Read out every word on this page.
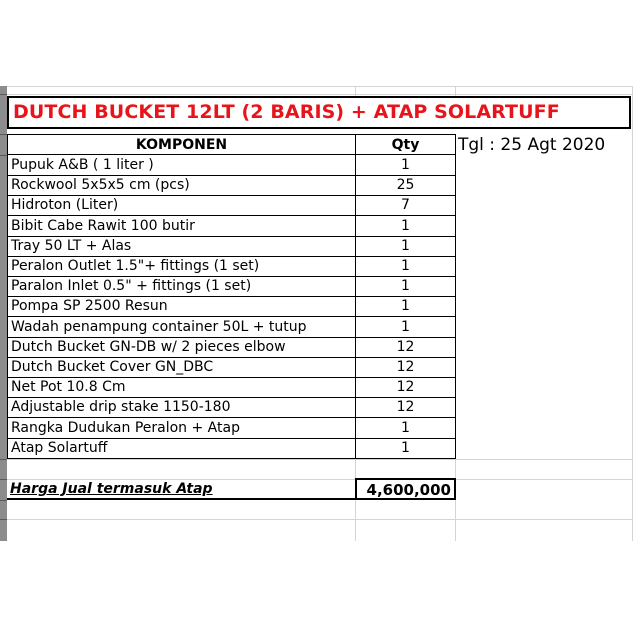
DUTCH BUCKET 12LT (2 BARIS) + ATAP SOLARTUFF
KOMPONEN	Qty	Tgl : 25 Agt 2020
Pupuk A&B ( 1 liter )	1
Rockwool 5x5x5 cm (pcs)	25
Hidroton (Liter)	7
Bibit Cabe Rawit 100 butir	1
Tray 50 LT + Alas	1
Peralon Outlet 1.5"+ fittings (1 set)	1
Paralon Inlet 0.5" + fittings (1 set)	1
Pompa SP 2500 Resun	1
Wadah penampung container 50L + tutup	1
Dutch Bucket GN-DB w/ 2 pieces elbow	12
Dutch Bucket Cover GN_DBC	12
Net Pot 10.8 Cm	12
Adjustable drip stake 1150-180	12
Rangka Dudukan Peralon + Atap	1
Atap Solartuff	1
Harga Jual termasuk Atap	4,600,000
